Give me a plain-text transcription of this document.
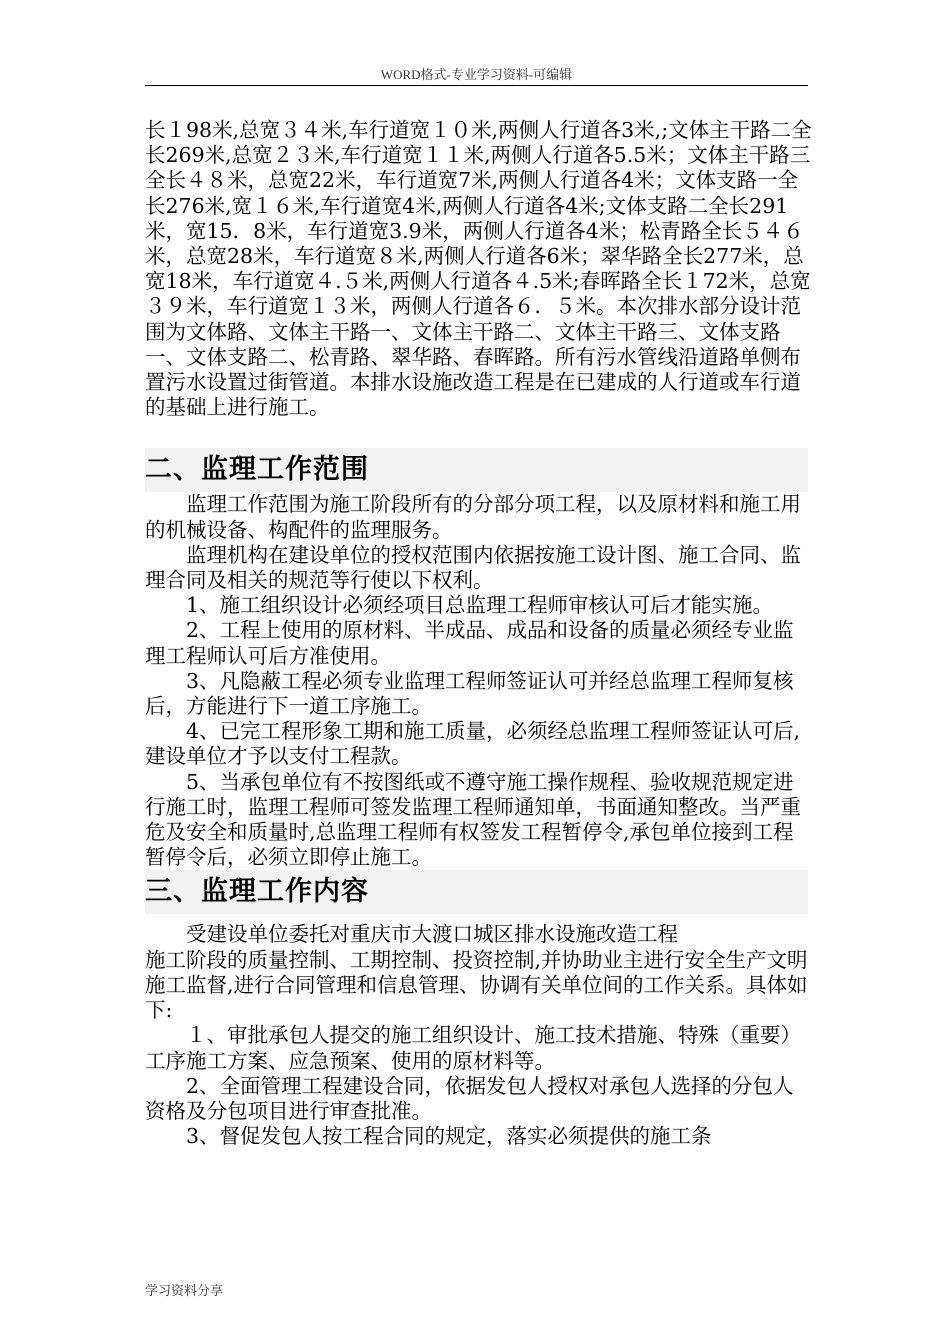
WORD格式-专业学习资料-可编辑

长１98米,总宽３４米,车行道宽１０米,两侧人行道各3米,;文体主干路二全长269米,总宽２３米,车行道宽１１米,两侧人行道各5.5米；文体主干路三全长４８米，总宽22米，车行道宽7米,两侧人行道各4米；文体支路一全长276米,宽１６米,车行道宽4米,两侧人行道各4米;文体支路二全长291米，宽15．8米，车行道宽3.9米，两侧人行道各4米；松青路全长５４６米，总宽28米，车行道宽８米,两侧人行道各6米；翠华路全长277米，总宽18米，车行道宽４.５米,两侧人行道各４.5米;春晖路全长１72米，总宽３９米，车行道宽１３米，两侧人行道各６．５米。本次排水部分设计范围为文体路、文体主干路一、文体主干路二、文体主干路三、文体支路一、文体支路二、松青路、翠华路、春晖路。所有污水管线沿道路单侧布置污水设置过街管道。本排水设施改造工程是在已建成的人行道或车行道的基础上进行施工。

二、监理工作范围

监理工作范围为施工阶段所有的分部分项工程，以及原材料和施工用的机械设备、构配件的监理服务。

监理机构在建设单位的授权范围内依据按施工设计图、施工合同、监理合同及相关的规范等行使以下权利。

1、施工组织设计必须经项目总监理工程师审核认可后才能实施。

2、工程上使用的原材料、半成品、成品和设备的质量必须经专业监理工程师认可后方准使用。

3、凡隐蔽工程必须专业监理工程师签证认可并经总监理工程师复核后，方能进行下一道工序施工。

4、已完工程形象工期和施工质量，必须经总监理工程师签证认可后,建设单位才予以支付工程款。

5、当承包单位有不按图纸或不遵守施工操作规程、验收规范规定进行施工时，监理工程师可签发监理工程师通知单，书面通知整改。当严重危及安全和质量时,总监理工程师有权签发工程暂停令,承包单位接到工程暂停令后，必须立即停止施工。

三、监理工作内容

受建设单位委托对重庆市大渡口城区排水设施改造工程

施工阶段的质量控制、工期控制、投资控制,并协助业主进行安全生产文明施工监督,进行合同管理和信息管理、协调有关单位间的工作关系。具体如下:

１、审批承包人提交的施工组织设计、施工技术措施、特殊（重要）工序施工方案、应急预案、使用的原材料等。

2、全面管理工程建设合同，依据发包人授权对承包人选择的分包人资格及分包项目进行审查批准。

3、督促发包人按工程合同的规定，落实必须提供的施工条

学习资料分享
